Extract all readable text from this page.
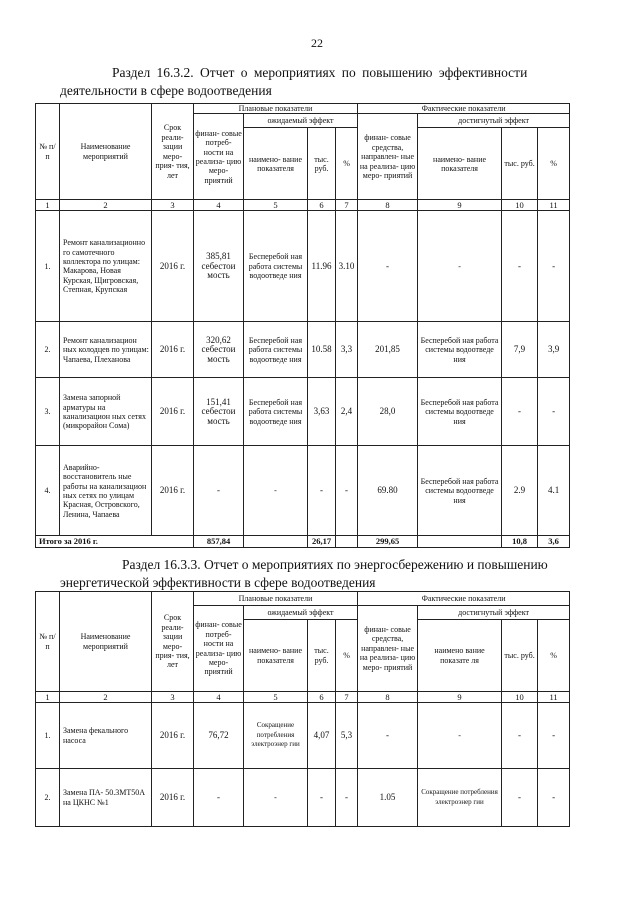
22
Раздел 16.3.2. Отчет о мероприятиях по повышению эффективности
деятельности в сфере водоотведения
№ п/ п	Наименование мероприятий	Срок реали- зации меро- прия- тия, лет	Плановые показатели				Фактические показатели			
			финан- совые потреб- ности на реализа- цию меро- приятий	ожидаемый эффект			финан- совые средства, направлен- ные на реализа- цию меро- приятий	достигнутый эффект		
				наимено- вание показателя	тыс. руб.	%		наимено- вание показателя	тыс. руб.	%
1	2	3	4	5	6	7	8	9	10	11
1.	Ремонт канализационно го самотечного коллектора по улицам: Макарова, Новая Курская, Щигровская, Степная, Крупская	2016 г.	385,81 себестои мость	Бесперебой ная работа системы водоотведе ния	11.96	3.10	-	-	-	-
2.	Ремонт канализацион ных колодцев по улицам: Чапаева, Плеханова	2016 г.	320,62 себестои мость	Бесперебой ная работа системы водоотведе ния	10.58	3,3	201,85	Бесперебой ная работа системы водоотведе ния	7,9	3,9
3.	Замена запорной арматуры на канализацион ных сетях (микрорайон Сома)	2016 г.	151,41 себестои мость	Бесперебой ная работа системы водоотведе ния	3,63	2,4	28,0	Бесперебой ная работа системы водоотведе ния	-	-
4.	Аварийно- восстановитель ные работы на канализацион ных сетях по улицам Красная, Островского, Ленина, Чапаева	2016 г.	-	-	-	-	69.80	Бесперебой ная работа системы водоотведе ния	2.9	4.1
Итого за 2016 г.			857,84		26,17		299,65		10,8	3,6
Раздел 16.3.3. Отчет о мероприятиях по энергосбережению и повышению
энергетической эффективности в сфере водоотведения
№ п/ п	Наименование мероприятий	Срок реали- зации меро- прия- тия, лет	Плановые показатели				Фактические показатели			
			финан- совые потреб- ности на реализа- цию меро- приятий	ожидаемый эффект			финан- совые средства, направлен- ные на реализа- цию меро- приятий	достигнутый эффект		
				наимено- вание показателя	тыс. руб.	%		наимено вание показате ля	тыс. руб.	%
1	2	3	4	5	6	7	8	9	10	11
1.	Замена фекального насоса	2016 г.	76,72	Сокращение потребления электроэнер гии	4,07	5,3	-	-	-	-
2.	Замена ПА- 50.3МТ50А на ЦКНС №1	2016 г.	-	-	-	-	1.05	Сокращение потребления электроэнер гии	-	-
